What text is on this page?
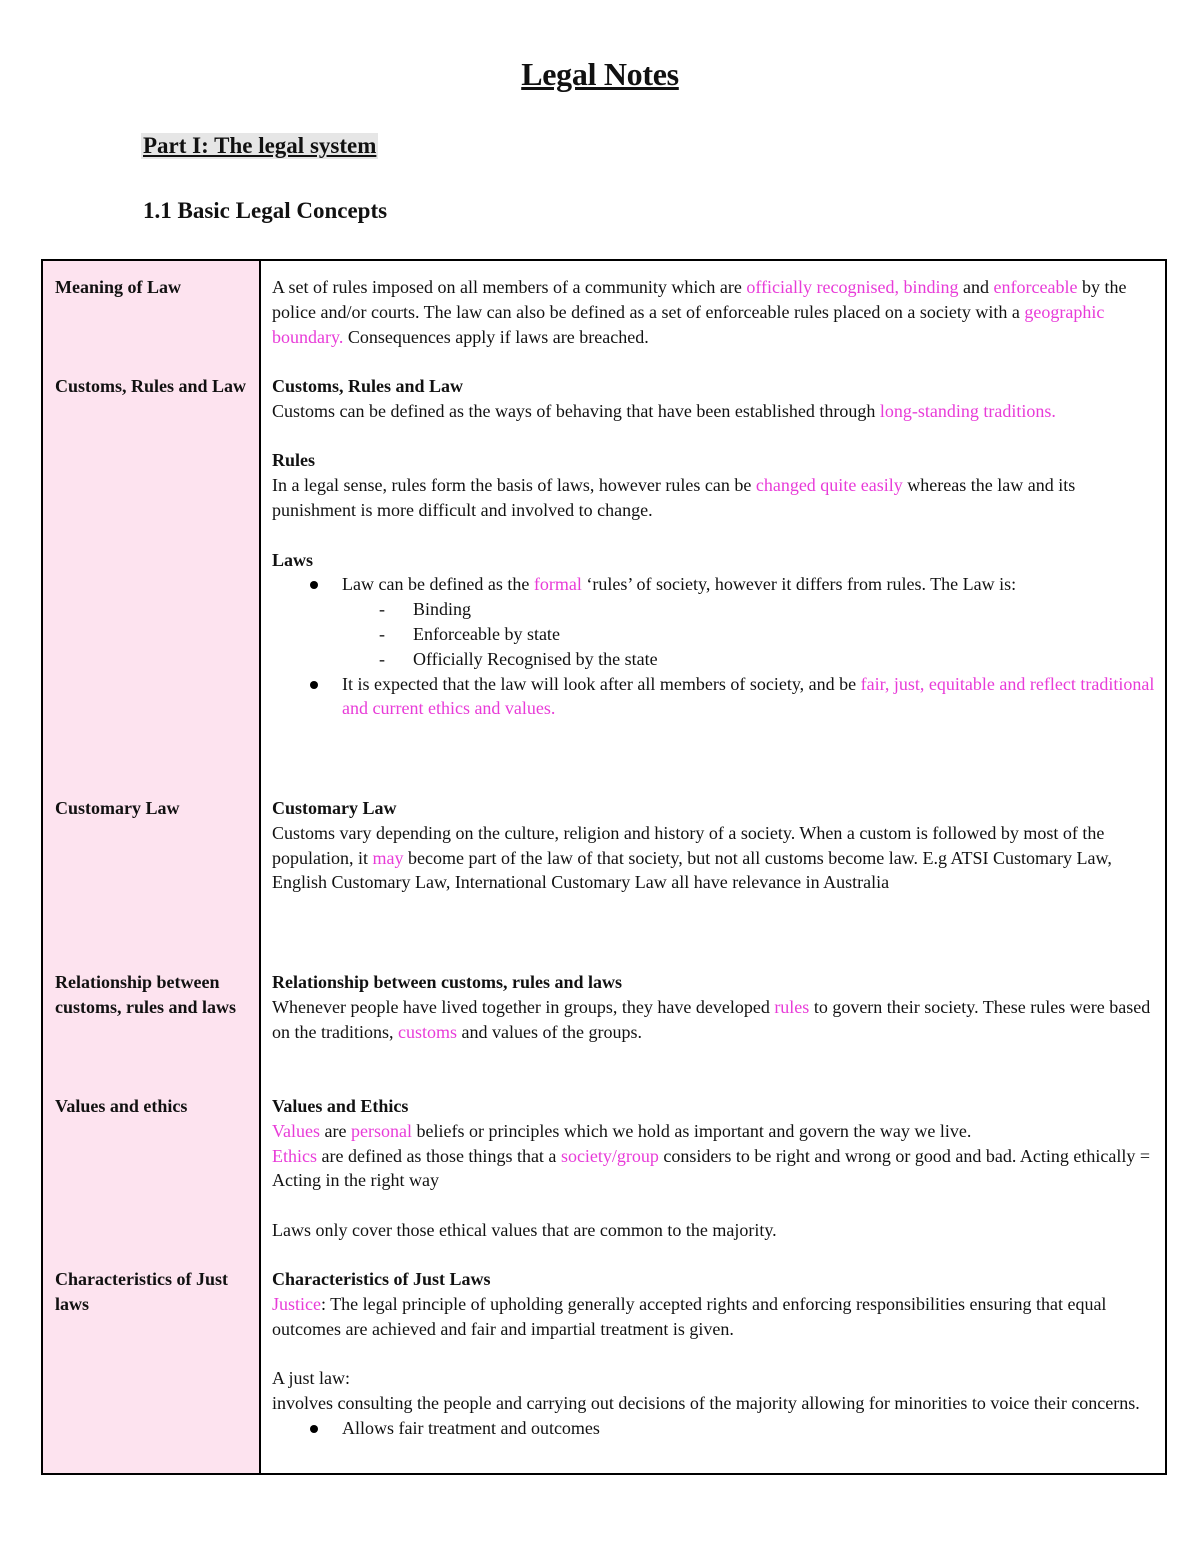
Legal Notes
Part I: The legal system
1.1 Basic Legal Concepts
Meaning of Law
Customs, Rules and Law
Customary Law
Relationship between customs, rules and laws
Values and ethics
Characteristics of Just laws

A set of rules imposed on all members of a community which are officially recognised, binding and enforceable by the police and/or courts. The law can also be defined as a set of enforceable rules placed on a society with a geographic boundary. Consequences apply if laws are breached.

Customs, Rules and Law

Customs can be defined as the ways of behaving that have been established through long-standing traditions.

Rules

In a legal sense, rules form the basis of laws, however rules can be changed quite easily whereas the law and its punishment is more difficult and involved to change.

Laws

Law can be defined as the formal ‘rules’ of society, however it differs from rules. The Law is:

- Binding

- Enforceable by state

- Officially Recognised by the state

It is expected that the law will look after all members of society, and be fair, just, equitable and reflect traditional and current ethics and values.

Customary Law

Customs vary depending on the culture, religion and history of a society. When a custom is followed by most of the population, it may become part of the law of that society, but not all customs become law. E.g ATSI Customary Law, English Customary Law, International Customary Law all have relevance in Australia

Relationship between customs, rules and laws

Whenever people have lived together in groups, they have developed rules to govern their society. These rules were based on the traditions, customs and values of the groups.

Values and Ethics

Values are personal beliefs or principles which we hold as important and govern the way we live.

Ethics are defined as those things that a society/group considers to be right and wrong or good and bad. Acting ethically = Acting in the right way

Laws only cover those ethical values that are common to the majority.

Characteristics of Just Laws

Justice: The legal principle of upholding generally accepted rights and enforcing responsibilities ensuring that equal outcomes are achieved and fair and impartial treatment is given.

A just law:

involves consulting the people and carrying out decisions of the majority allowing for minorities to voice their concerns.

Allows fair treatment and outcomes
